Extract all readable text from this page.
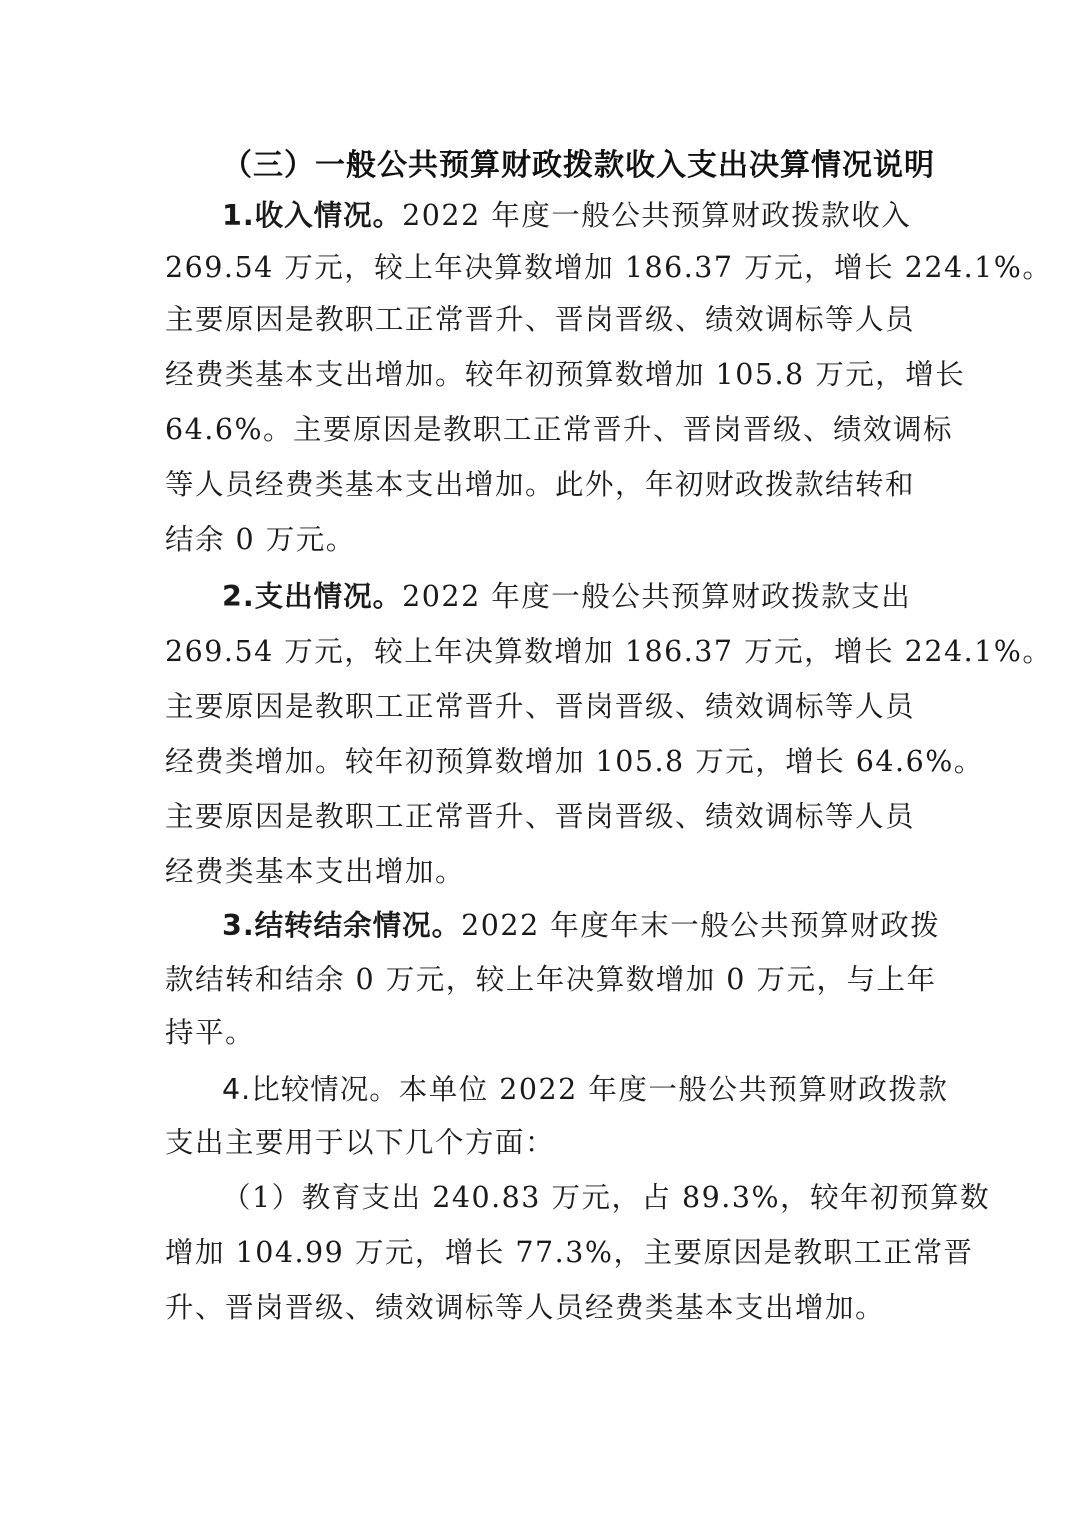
（三）一般公共预算财政拨款收入支出决算情况说明
1.收入情况。2022 年度一般公共预算财政拨款收入
269.54 万元，较上年决算数增加 186.37 万元，增长 224.1%。
主要原因是教职工正常晋升、晋岗晋级、绩效调标等人员
经费类基本支出增加。较年初预算数增加 105.8 万元，增长
64.6%。主要原因是教职工正常晋升、晋岗晋级、绩效调标
等人员经费类基本支出增加。此外，年初财政拨款结转和
结余 0 万元。
2.支出情况。2022 年度一般公共预算财政拨款支出
269.54 万元，较上年决算数增加 186.37 万元，增长 224.1%。
主要原因是教职工正常晋升、晋岗晋级、绩效调标等人员
经费类增加。较年初预算数增加 105.8 万元，增长 64.6%。
主要原因是教职工正常晋升、晋岗晋级、绩效调标等人员
经费类基本支出增加。
3.结转结余情况。2022 年度年末一般公共预算财政拨
款结转和结余 0 万元，较上年决算数增加 0 万元，与上年
持平。
4.比较情况。本单位 2022 年度一般公共预算财政拨款
支出主要用于以下几个方面：
（1）教育支出 240.83 万元，占 89.3%，较年初预算数
增加 104.99 万元，增长 77.3%，主要原因是教职工正常晋
升、晋岗晋级、绩效调标等人员经费类基本支出增加。
